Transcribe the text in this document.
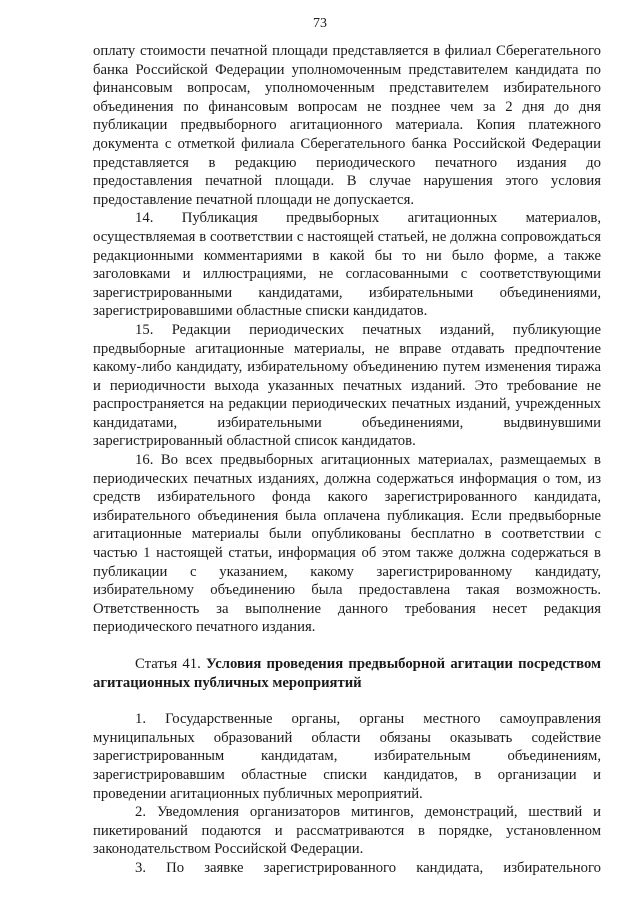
73

оплату стоимости печатной площади представляется в филиал Сберегательного банка Российской Федерации уполномоченным представителем кандидата по финансовым вопросам, уполномоченным представителем избирательного объединения по финансовым вопросам не позднее чем за 2 дня до дня публикации предвыборного агитационного материала. Копия платежного документа с отметкой филиала Сберегательного банка Российской Федерации представляется в редакцию периодического печатного издания до предоставления печатной площади. В случае нарушения этого условия предоставление печатной площади не допускается.

14. Публикация предвыборных агитационных материалов, осуществляемая в соответствии с настоящей статьей, не должна сопровождаться редакционными комментариями в какой бы то ни было форме, а также заголовками и иллюстрациями, не согласованными с соответствующими зарегистрированными кандидатами, избирательными объединениями, зарегистрировавшими областные списки кандидатов.

15. Редакции периодических печатных изданий, публикующие предвыборные агитационные материалы, не вправе отдавать предпочтение какому-либо кандидату, избирательному объединению путем изменения тиража и периодичности выхода указанных печатных изданий. Это требование не распространяется на редакции периодических печатных изданий, учрежденных кандидатами, избирательными объединениями, выдвинувшими зарегистрированный областной список кандидатов.

16. Во всех предвыборных агитационных материалах, размещаемых в периодических печатных изданиях, должна содержаться информация о том, из средств избирательного фонда какого зарегистрированного кандидата, избирательного объединения была оплачена публикация. Если предвыборные агитационные материалы были опубликованы бесплатно в соответствии с частью 1 настоящей статьи, информация об этом также должна содержаться в публикации с указанием, какому зарегистрированному кандидату, избирательному объединению была предоставлена такая возможность. Ответственность за выполнение данного требования несет редакция периодического печатного издания.

Статья 41. Условия проведения предвыборной агитации посредством агитационных публичных мероприятий

1. Государственные органы, органы местного самоуправления муниципальных образований области обязаны оказывать содействие зарегистрированным кандидатам, избирательным объединениям, зарегистрировавшим областные списки кандидатов, в организации и проведении агитационных публичных мероприятий.

2. Уведомления организаторов митингов, демонстраций, шествий и пикетирований подаются и рассматриваются в порядке, установленном законодательством Российской Федерации.

3. По заявке зарегистрированного кандидата, избирательного
